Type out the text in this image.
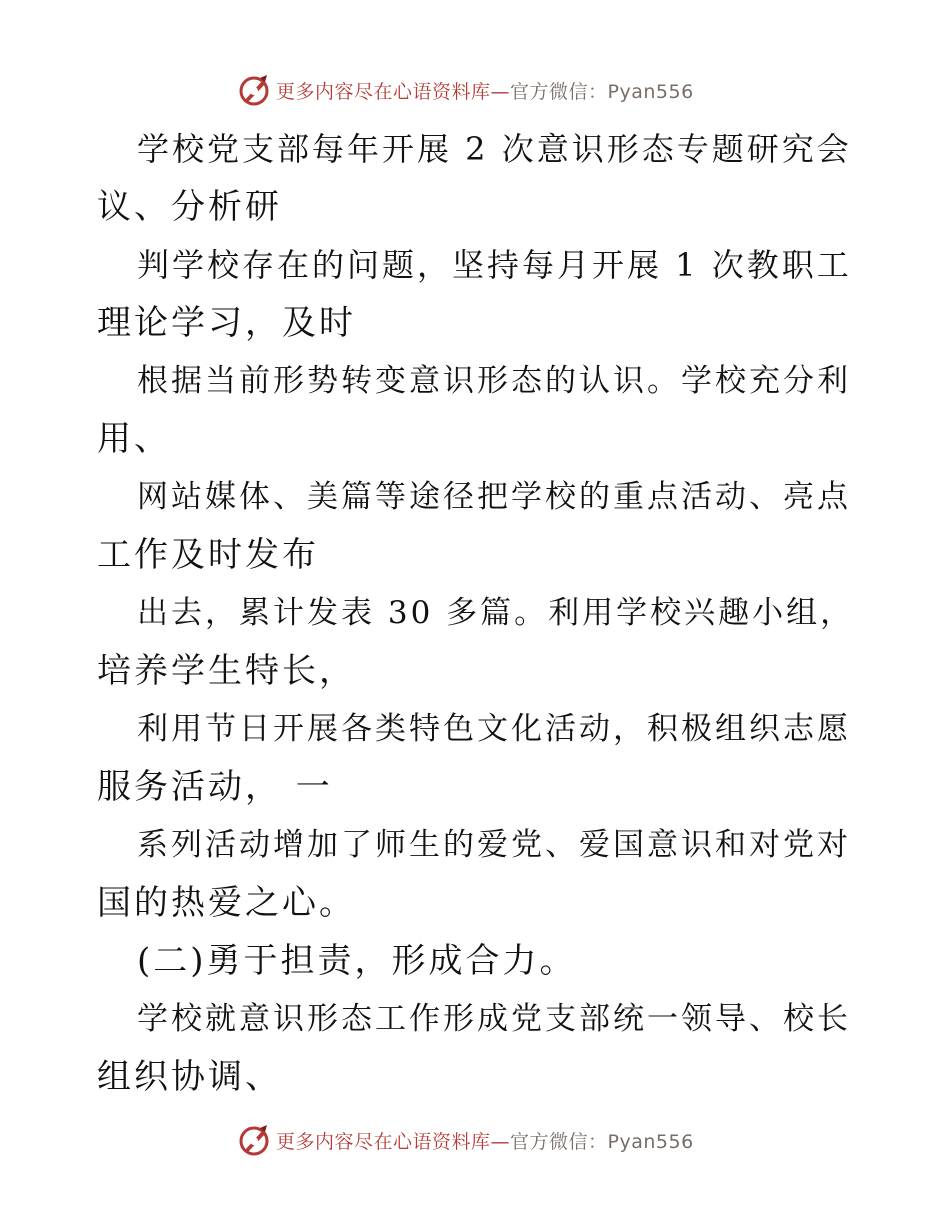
更多内容尽在心语资料库—官方微信：Pyan556
学校党支部每年开展 2 次意识形态专题研究会
议、分析研
判学校存在的问题，坚持每月开展 1 次教职工
理论学习，及时
根据当前形势转变意识形态的认识。学校充分利
用、
网站媒体、美篇等途径把学校的重点活动、亮点
工作及时发布
出去，累计发表 30 多篇。利用学校兴趣小组，
培养学生特长，
利用节日开展各类特色文化活动，积极组织志愿
服务活动， 一
系列活动增加了师生的爱党、爱国意识和对党对
国的热爱之心。
(二)勇于担责，形成合力。
学校就意识形态工作形成党支部统一领导、校长
组织协调、
更多内容尽在心语资料库—官方微信：Pyan556
